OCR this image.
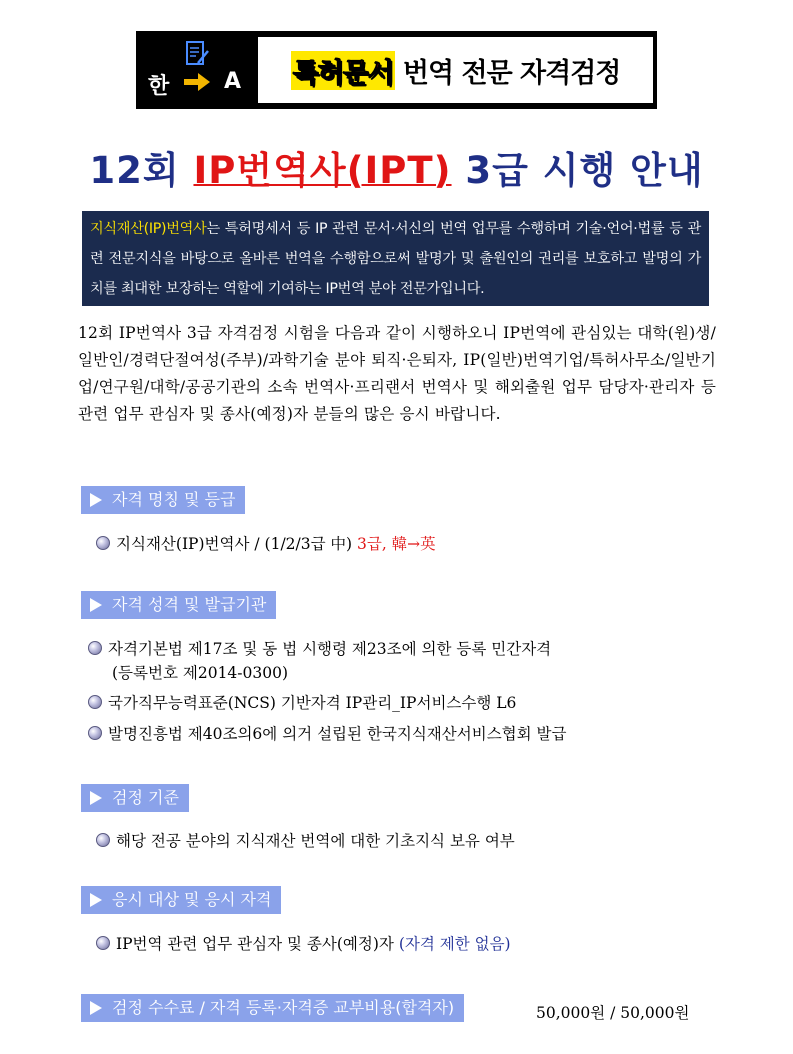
한 A 특허문서 번역 전문 자격검정
12회 IP번역사(IPT) 3급 시행 안내
지식재산(IP)번역사는 특허명세서 등 IP 관련 문서·서신의 번역 업무를 수행하며 기술·언어·법률 등 관련 전문지식을 바탕으로 올바른 번역을 수행함으로써 발명가 및 출원인의 권리를 보호하고 발명의 가치를 최대한 보장하는 역할에 기여하는 IP번역 분야 전문가입니다.
12회 IP번역사 3급 자격검정 시험을 다음과 같이 시행하오니 IP번역에 관심있는 대학(원)생/일반인/경력단절여성(주부)/과학기술 분야 퇴직·은퇴자, IP(일반)번역기업/특허사무소/일반기업/연구원/대학/공공기관의 소속 번역사·프리랜서 번역사 및 해외출원 업무 담당자·관리자 등 관련 업무 관심자 및 종사(예정)자 분들의 많은 응시 바랍니다.
자격 명칭 및 등급
지식재산(IP)번역사 / (1/2/3급 中) 3급, 韓→英
자격 성격 및 발급기관
자격기본법 제17조 및 동 법 시행령 제23조에 의한 등록 민간자격
(등록번호 제2014-0300)
국가직무능력표준(NCS) 기반자격 IP관리_IP서비스수행 L6
발명진흥법 제40조의6에 의거 설립된 한국지식재산서비스협회 발급
검정 기준
해당 전공 분야의 지식재산 번역에 대한 기초지식 보유 여부
응시 대상 및 응시 자격
IP번역 관련 업무 관심자 및 종사(예정)자 (자격 제한 없음)
검정 수수료 / 자격 등록·자격증 교부비용(합격자)	50,000원 / 50,000원
